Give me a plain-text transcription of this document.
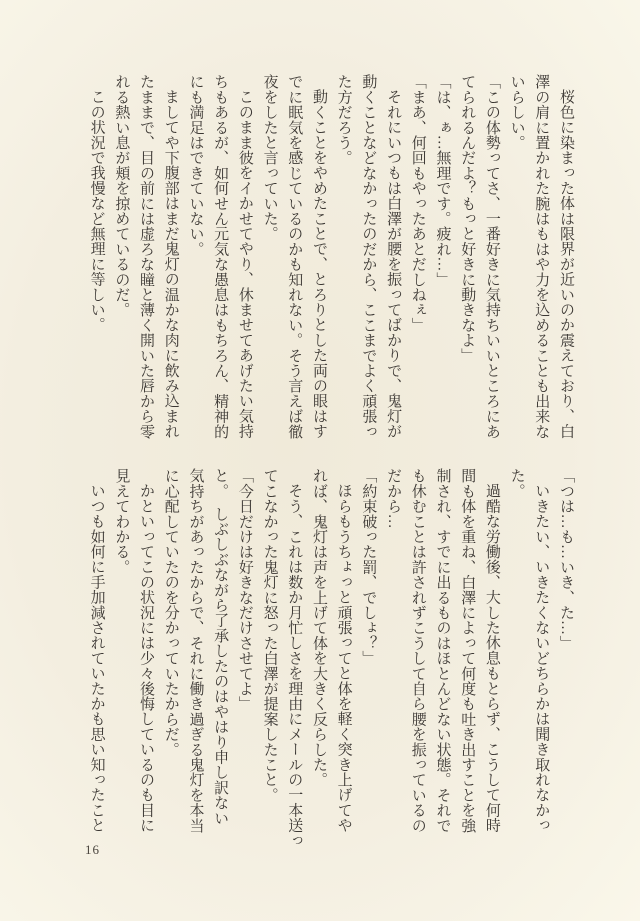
桜色に染まった体は限界が近いのか震えており、白
澤の肩に置かれた腕はもはや力を込めることも出来な
いらしい。
「この体勢ってさ、一番好きに気持ちいいところにあ
てられるんだよ？もっと好きに動きなよ」
「は、ぁ…無理です。疲れ…」
「まあ、何回もやったあとだしねぇ」
それにいつもは白澤が腰を振ってばかりで、鬼灯が
動くことなどなかったのだから、ここまでよく頑張っ
た方だろう。
動くことをやめたことで、とろりとした両の眼はす
でに眠気を感じているのかも知れない。そう言えば徹
夜をしたと言っていた。
このまま彼をイかせてやり、休ませてあげたい気持
ちもあるが、如何せん元気な愚息はもちろん、精神的
にも満足はできていない。
ましてや下腹部はまだ鬼灯の温かな肉に飲み込まれ
たままで、目の前には虚ろな瞳と薄く開いた唇から零
れる熱い息が頬を掠めているのだ。
この状況で我慢など無理に等しい。
「つは…も…いき、た…」
いきたい、いきたくないどちらかは聞き取れなかっ
た。
過酷な労働後、大した休息もとらず、こうして何時
間も体を重ね、白澤によって何度も吐き出すことを強
制され、すでに出るものはほとんどない状態。それで
も休むことは許されずこうして自ら腰を振っているの
だから…
「約束破った罰、でしょ？」
ほらもうちょっと頑張ってと体を軽く突き上げてや
れば、鬼灯は声を上げて体を大きく反らした。
そう、これは数か月忙しさを理由にメールの一本送っ
てこなかった鬼灯に怒った白澤が提案したこと。
「今日だけは好きなだけさせてよ」
と。　しぶしぶながら了承したのはやはり申し訳ない
気持ちがあったからで、それに働き過ぎる鬼灯を本当
に心配していたのを分かっていたからだ。
かといってこの状況には少々後悔しているのも目に
見えてわかる。
いつも如何に手加減されていたかも思い知ったこと
16
